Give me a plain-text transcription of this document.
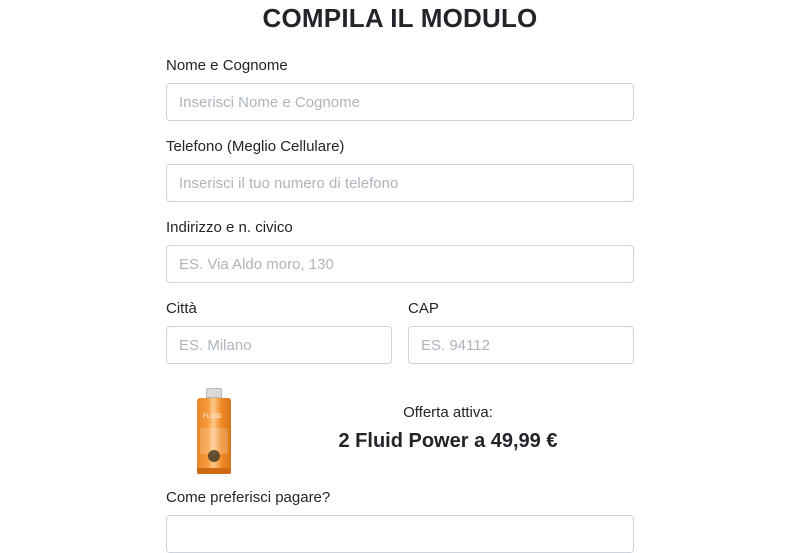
COMPILA IL MODULO
Nome e Cognome
Inserisci Nome e Cognome
Telefono (Meglio Cellulare)
Inserisci il tuo numero di telefono
Indirizzo e n. civico
ES. Via Aldo moro, 130
Città
ES. Milano	CAP
ES. 94112
FLUID	Offerta attiva:
2 Fluid Power a 49,99 €
Come preferisci pagare?
